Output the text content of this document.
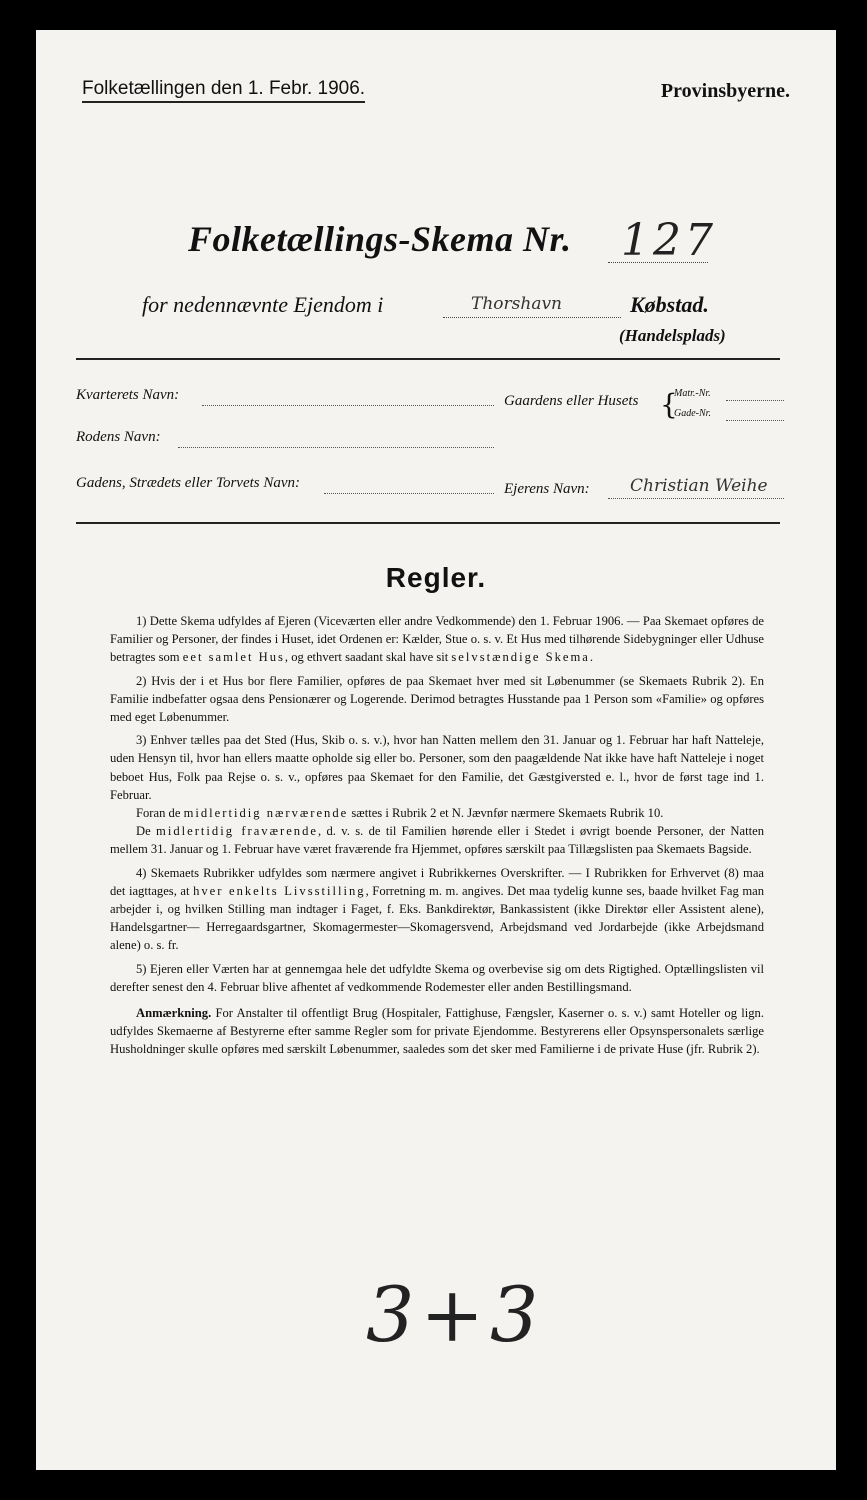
Folketællingen den 1. Febr. 1906.	Provinsbyerne.
Folketællings-Skema Nr. 127
for nedennævnte Ejendom i	Thorshavn	Købstad.
(Handelsplads)
Kvarterets Navn:	Gaardens eller Husets {
Matr.-Nr.
Gade-Nr.
Rodens Navn:
Gadens, Strædets eller Torvets Navn:	Ejerens Navn: Christian Weihe
Regler.

1) Dette Skema udfyldes af Ejeren (Viceværten eller andre Vedkommende) den 1. Februar 1906. — Paa Skemaet opføres de Familier og Personer, der findes i Huset, idet Ordenen er: Kælder, Stue o. s. v. Et Hus med tilhørende Sidebygninger eller Udhuse betragtes som eet samlet Hus, og ethvert saadant skal have sit selvstændige Skema.

2) Hvis der i et Hus bor flere Familier, opføres de paa Skemaet hver med sit Løbenummer (se Skemaets Rubrik 2). En Familie indbefatter ogsaa dens Pensionærer og Logerende. Derimod betragtes Husstande paa 1 Person som «Familie» og opføres med eget Løbenummer.

3) Enhver tælles paa det Sted (Hus, Skib o. s. v.), hvor han Natten mellem den 31. Januar og 1. Februar har haft Natteleje, uden Hensyn til, hvor han ellers maatte opholde sig eller bo. Personer, som den paagældende Nat ikke have haft Natteleje i noget beboet Hus, Folk paa Rejse o. s. v., opføres paa Skemaet for den Familie, det Gæstgiversted e. l., hvor de først tage ind 1. Februar.

Foran de midlertidig nærværende sættes i Rubrik 2 et N. Jævnfør nærmere Skemaets Rubrik 10.

De midlertidig fraværende, d. v. s. de til Familien hørende eller i Stedet i øvrigt boende Personer, der Natten mellem 31. Januar og 1. Februar have været fraværende fra Hjemmet, opføres særskilt paa Tillægslisten paa Skemaets Bagside.

4) Skemaets Rubrikker udfyldes som nærmere angivet i Rubrikkernes Overskrifter. — I Rubrikken for Erhvervet (8) maa det iagttages, at hver enkelts Livsstilling, Forretning m. m. angives. Det maa tydelig kunne ses, baade hvilket Fag man arbejder i, og hvilken Stilling man indtager i Faget, f. Eks. Bankdirektør, Bankassistent (ikke Direktør eller Assistent alene), Handelsgartner— Herregaardsgartner, Skomagermester—Skomagersvend, Arbejdsmand ved Jordarbejde (ikke Arbejdsmand alene) o. s. fr.

5) Ejeren eller Værten har at gennemgaa hele det udfyldte Skema og overbevise sig om dets Rigtighed. Optællingslisten vil derefter senest den 4. Februar blive afhentet af vedkommende Rodemester eller anden Bestillingsmand.

Anmærkning. For Anstalter til offentligt Brug (Hospitaler, Fattighuse, Fængsler, Kaserner o. s. v.) samt Hoteller og lign. udfyldes Skemaerne af Bestyrerne efter samme Regler som for private Ejendomme. Bestyrerens eller Opsynspersonalets særlige Husholdninger skulle opføres med særskilt Løbenummer, saaledes som det sker med Familierne i de private Huse (jfr. Rubrik 2).

3+3
